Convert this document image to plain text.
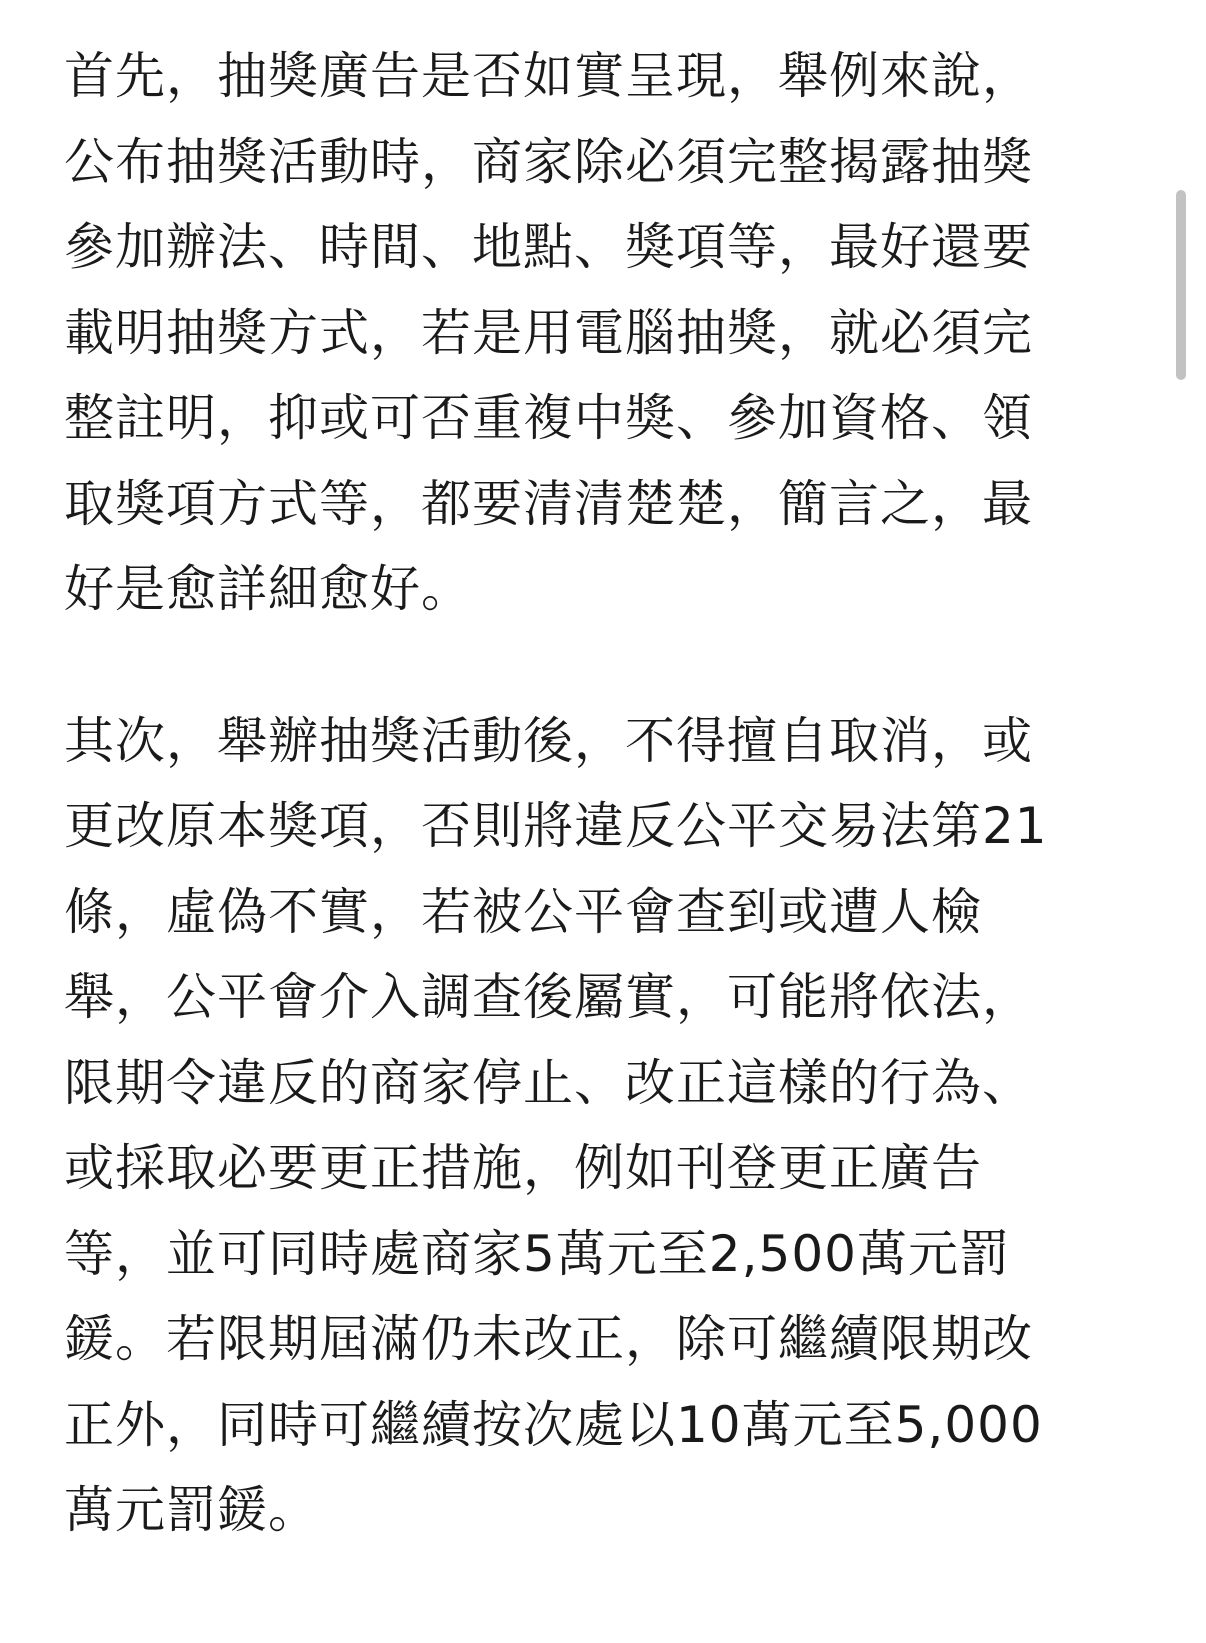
首先，抽獎廣告是否如實呈現，舉例來說，
公布抽獎活動時，商家除必須完整揭露抽獎
參加辦法、時間、地點、獎項等，最好還要
載明抽獎方式，若是用電腦抽獎，就必須完
整註明，抑或可否重複中獎、參加資格、領
取獎項方式等，都要清清楚楚，簡言之，最
好是愈詳細愈好。

其次，舉辦抽獎活動後，不得擅自取消，或
更改原本獎項，否則將違反公平交易法第21
條，虛偽不實，若被公平會查到或遭人檢
舉，公平會介入調查後屬實，可能將依法，
限期令違反的商家停止、改正這樣的行為、
或採取必要更正措施，例如刊登更正廣告
等，並可同時處商家5萬元至2,500萬元罰
鍰。若限期屆滿仍未改正，除可繼續限期改
正外，同時可繼續按次處以10萬元至5,000
萬元罰鍰。
